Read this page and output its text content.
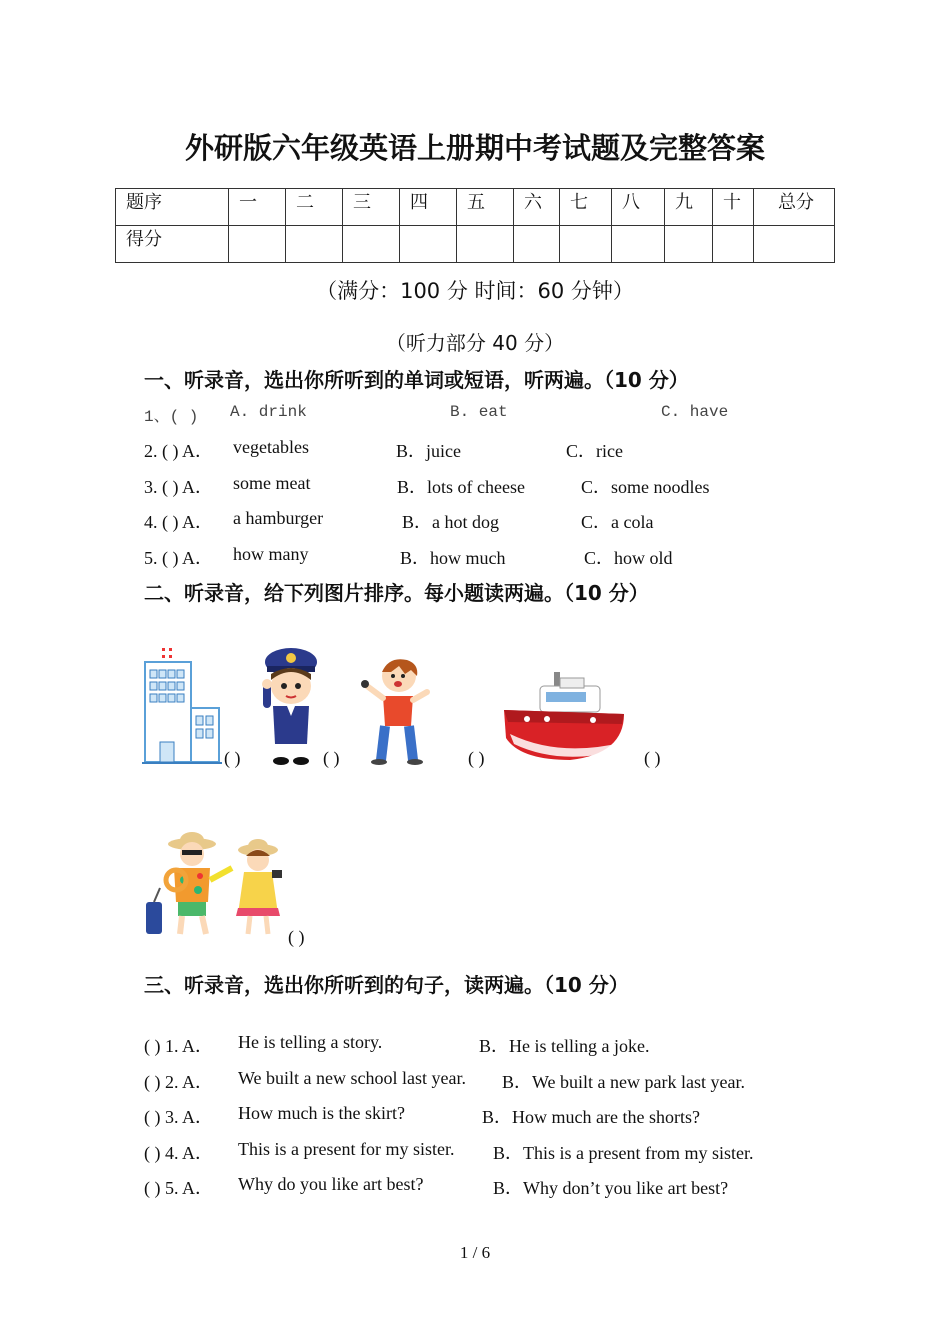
外研版六年级英语上册期中考试题及完整答案
题序	一	二	三	四	五	六	七	八	九	十	总分
得分											
（满分：100 分 时间：60 分钟）
（听力部分 40 分）
一、听录音，选出你所听到的单词或短语，听两遍。（10 分）
1、( ) A. drink	B. eat	C. have
2. ( ) A． vegetables	B．juice	C．rice
3. ( ) A． some meat	B．lots of cheese	C．some noodles
4. ( ) A． a hamburger	B．a hot dog	C．a cola
5. ( ) A． how many	B．how much	C．how old
二、听录音，给下列图片排序。每小题读两遍。（10 分）
( )	( )	( )	( )
( )
三、听录音，选出你所听到的句子，读两遍。（10 分）
( ) 1. A． He is telling a story.	B．He is telling a joke.
( ) 2. A． We built a new school last year. B．We built a new park last year.
( ) 3. A． How much is the skirt?	B．How much are the shorts?
( ) 4. A． This is a present for my sister. B．This is a present from my sister.
( ) 5. A． Why do you like art best?	B．Why don’t you like art best?
1 / 6
